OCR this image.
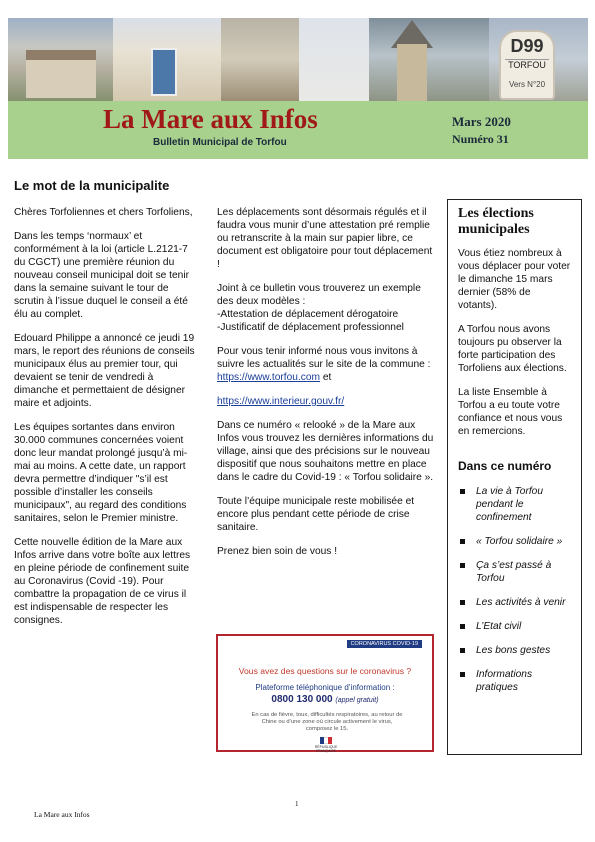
D99
TORFOU
Vers N°20
La Mare aux Infos
Bulletin Municipal de Torfou
Mars 2020
Numéro 31
Le mot de la municipalite

Chères Torfoliennes et chers Torfoliens,

Dans les temps ‘normaux’ et conformément à la loi (article L.2121-7 du CGCT) une première réunion du nouveau conseil municipal doit se tenir dans la semaine suivant le tour de scrutin à l’issue duquel le conseil a été élu au complet.

Edouard Philippe a annoncé ce jeudi 19 mars, le report des réunions de conseils municipaux élus au premier tour, qui devaient se tenir de vendredi à dimanche et permettaient de désigner maire et adjoints.

Les équipes sortantes dans environ 30.000 communes concernées voient donc leur mandat prolongé jusqu’à mi-mai au moins. A cette date, un rapport devra permettre d’indiquer "s’il est possible d’installer les conseils municipaux", au regard des conditions sanitaires, selon le Premier ministre.

Cette nouvelle édition de la Mare aux Infos arrive dans votre boîte aux lettres en pleine période de confinement suite au Coronavirus (Covid -19). Pour combattre la propagation de ce virus il est indispensable de respecter les consignes.

Les déplacements sont désormais régulés et il faudra vous munir d’une attestation pré remplie ou retranscrite à la main sur papier libre, ce document est obligatoire pour tout déplacement !

Joint à ce bulletin vous trouverez un exemple des deux modèles :
-Attestation de déplacement dérogatoire
-Justificatif de déplacement professionnel

Pour vous tenir informé nous vous invitons à suivre les actualités sur le site de la commune :
https://www.torfou.com et

https://www.interieur.gouv.fr/

Dans ce numéro « relooké » de la Mare aux Infos vous trouvez les dernières informations du village, ainsi que des précisions sur le nouveau dispositif que nous souhaitons mettre en place dans le cadre du Covid-19 : « Torfou solidaire ».

Toute l’équipe municipale reste mobilisée et encore plus pendant cette période de crise sanitaire.

Prenez bien soin de vous !

CORONAVIRUS COVID-19
Vous avez des questions sur le coronavirus ?
Plateforme téléphonique d’information :
0800 130 000 (appel gratuit)
En cas de fièvre, toux, difficultés respiratoires, au retour de Chine ou d’une zone où circule activement le virus, composez le 15.
RÉPUBLIQUE FRANÇAISE
Les élections municipales

Vous étiez nombreux à vous déplacer pour voter le dimanche 15 mars dernier (58% de votants).

A Torfou nous avons toujours pu observer la forte participation des Torfoliens aux élections.

La liste Ensemble à Torfou a eu toute votre confiance et nous vous en remercions.

Dans ce numéro
La vie à Torfou pendant le confinement
« Torfou solidaire »
Ça s’est passé à Torfou
Les activités à venir
L’Etat civil
Les bons gestes
Informations pratiques
1
La Mare aux Infos
